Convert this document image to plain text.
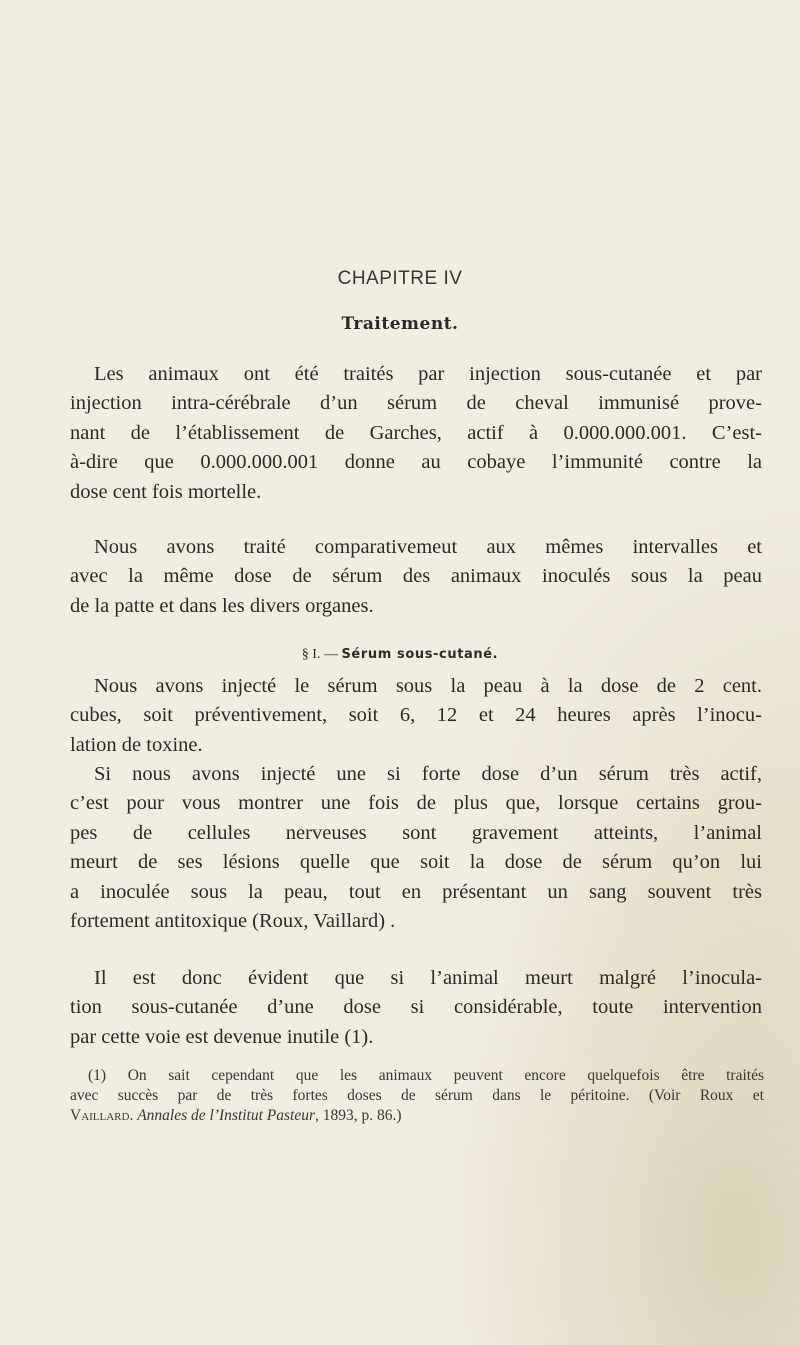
CHAPITRE IV
Traitement.

Les animaux ont été traités par injection sous-cutanée et par
injection intra-cérébrale d’un sérum de cheval immunisé prove-
nant de l’établissement de Garches, actif à 0.000.000.001. C’est-
à-dire que 0.000.000.001 donne au cobaye l’immunité contre la
dose cent fois mortelle.

Nous avons traité comparativemeut aux mêmes intervalles et
avec la même dose de sérum des animaux inoculés sous la peau
de la patte et dans les divers organes.

§ I. — Sérum sous-cutané.

Nous avons injecté le sérum sous la peau à la dose de 2 cent.
cubes, soit préventivement, soit 6, 12 et 24 heures après l’inocu-
lation de toxine.

Si nous avons injecté une si forte dose d’un sérum très actif,
c’est pour vous montrer une fois de plus que, lorsque certains grou-
pes de cellules nerveuses sont gravement atteints, l’animal
meurt de ses lésions quelle que soit la dose de sérum qu’on lui
a inoculée sous la peau, tout en présentant un sang souvent très
fortement antitoxique (Roux, Vaillard) .

Il est donc évident que si l’animal meurt malgré l’inocula-
tion sous-cutanée d’une dose si considérable, toute intervention
par cette voie est devenue inutile (1).

(1) On sait cependant que les animaux peuvent encore quelquefois être traités
avec succès par de très fortes doses de sérum dans le péritoine. (Voir Roux et
Vaillard. Annales de l’Institut Pasteur, 1893, p. 86.)
